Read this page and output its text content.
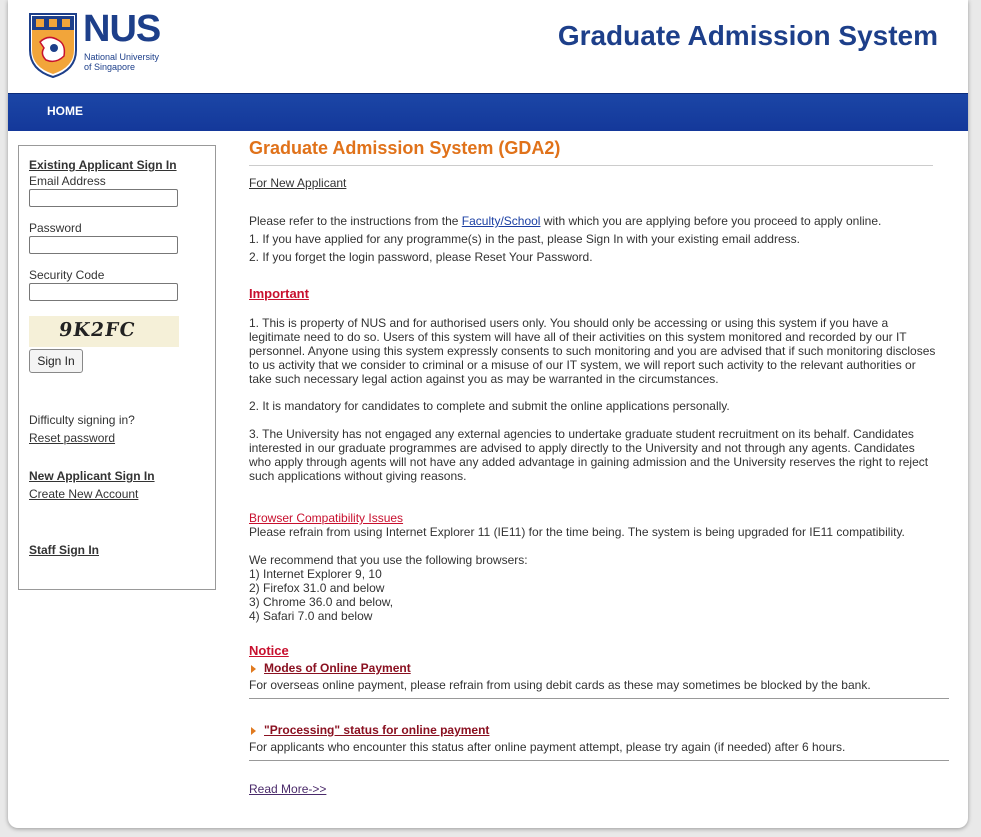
NUS
National University
of Singapore
Graduate Admission System
HOME
Existing Applicant Sign In
Email Address
Password
Security Code
9K2FC
Sign In
Difficulty signing in?
Reset password
New Applicant Sign In
Create New Account
Staff Sign In
Graduate Admission System (GDA2)
For New Applicant
Please refer to the instructions from the Faculty/School with which you are applying before you proceed to apply online.
1. If you have applied for any programme(s) in the past, please Sign In with your existing email address.
2. If you forget the login password, please Reset Your Password.
Important
1. This is property of NUS and for authorised users only. You should only be accessing or using this system if you have a legitimate need to do so. Users of this system will have all of their activities on this system monitored and recorded by our IT personnel. Anyone using this system expressly consents to such monitoring and you are advised that if such monitoring discloses to us activity that we consider to criminal or a misuse of our IT system, we will report such activity to the relevant authorities or take such necessary legal action against you as may be warranted in the circumstances.
2. It is mandatory for candidates to complete and submit the online applications personally.
3. The University has not engaged any external agencies to undertake graduate student recruitment on its behalf. Candidates interested in our graduate programmes are advised to apply directly to the University and not through any agents. Candidates who apply through agents will not have any added advantage in gaining admission and the University reserves the right to reject such applications without giving reasons.
Browser Compatibility Issues
Please refrain from using Internet Explorer 11 (IE11) for the time being. The system is being upgraded for IE11 compatibility.
We recommend that you use the following browsers:
1) Internet Explorer 9, 10
2) Firefox 31.0 and below
3) Chrome 36.0 and below,
4) Safari 7.0 and below
Notice
Modes of Online Payment
For overseas online payment, please refrain from using debit cards as these may sometimes be blocked by the bank.
"Processing" status for online payment
For applicants who encounter this status after online payment attempt, please try again (if needed) after 6 hours.
Read More->>
